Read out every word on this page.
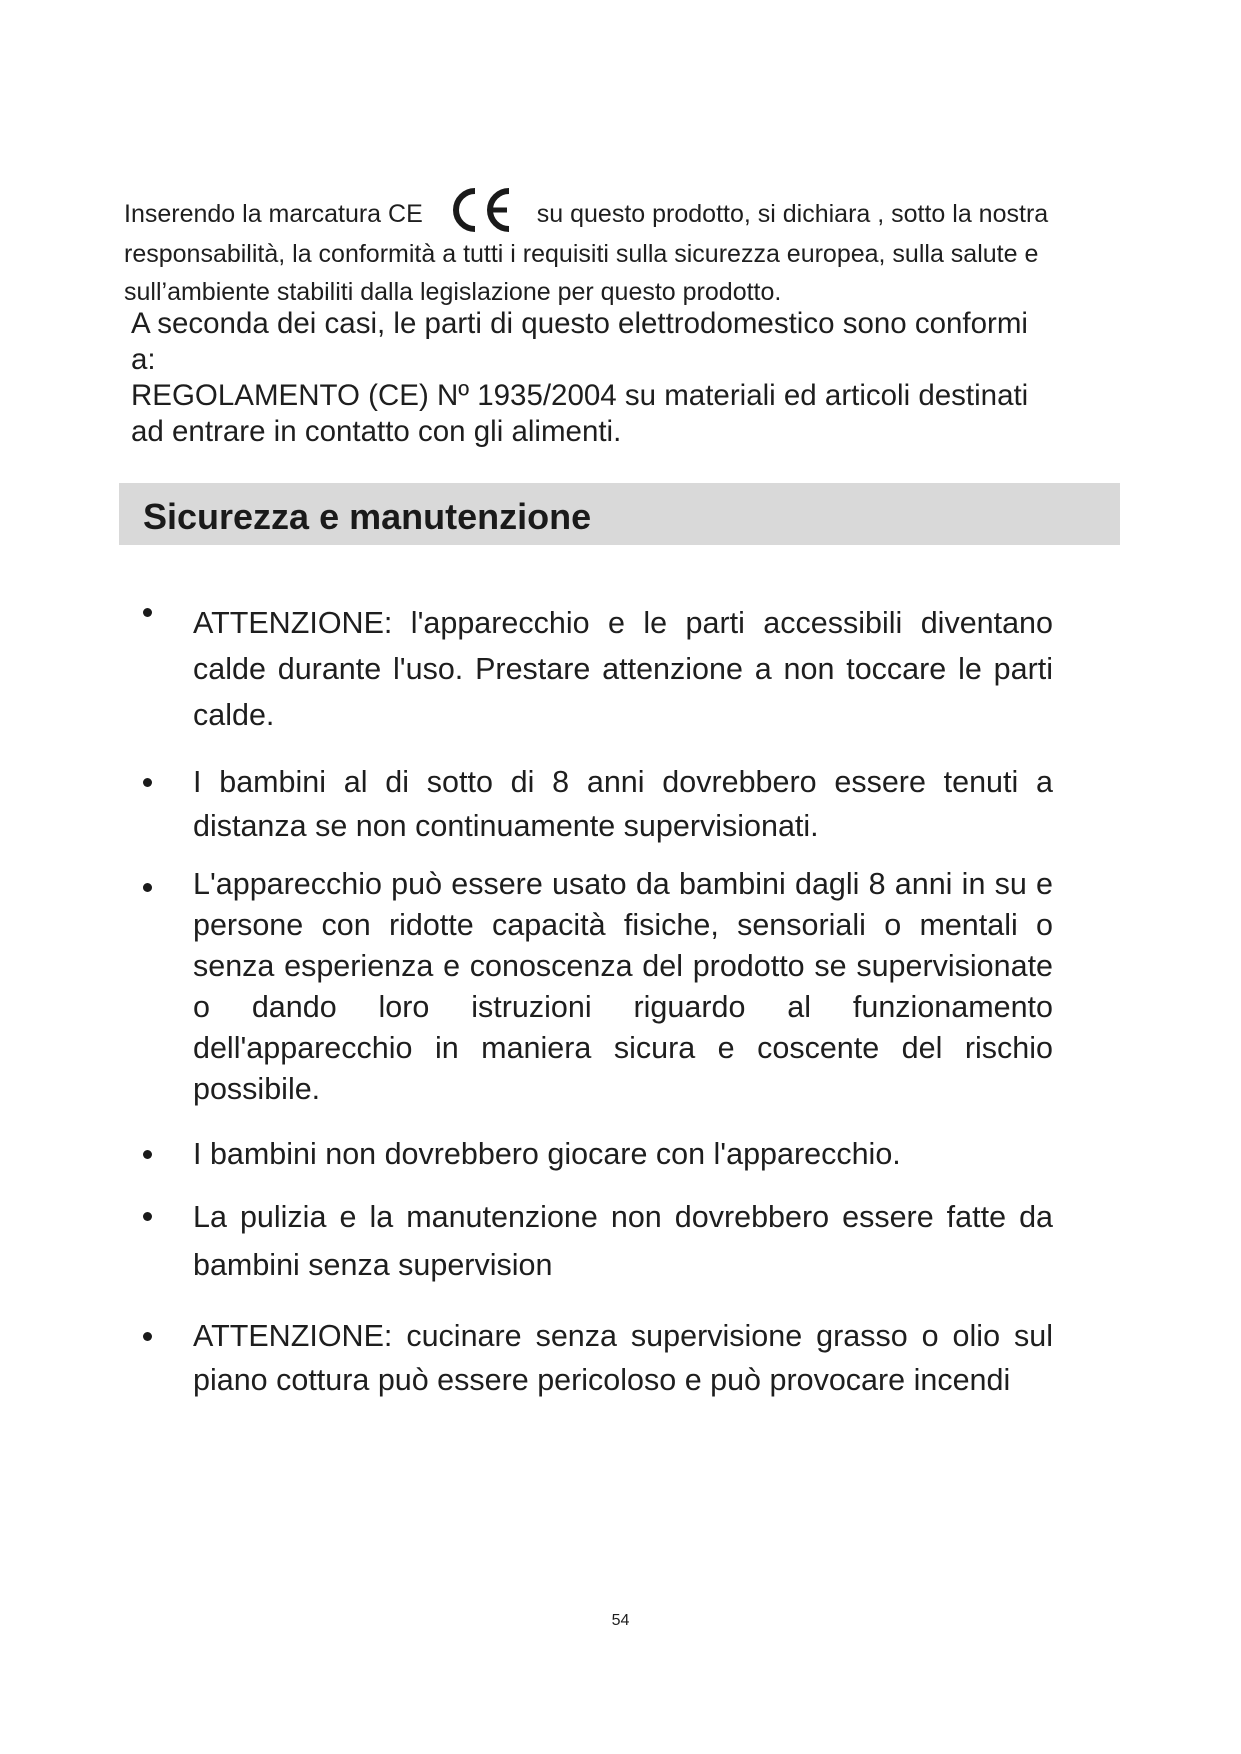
Inserendo la marcatura CE	su questo prodotto, si dichiara , sotto la nostra responsabilità, la conformità a tutti i requisiti sulla sicurezza europea, sulla salute e sull’ambiente stabiliti dalla legislazione per questo prodotto.

A seconda dei casi, le parti di questo elettrodomestico sono conformi a:

REGOLAMENTO (CE) Nº 1935/2004 su materiali ed articoli destinati ad entrare in contatto con gli alimenti.

Sicurezza e manutenzione
ATTENZIONE: l'apparecchio e le parti accessibili diventano calde durante l'uso. Prestare attenzione a non toccare le parti calde.
I bambini al di sotto di 8 anni dovrebbero essere tenuti a distanza se non continuamente supervisionati.
L'apparecchio può essere usato da bambini dagli 8 anni in su e persone con ridotte capacità fisiche, sensoriali o mentali o senza esperienza e conoscenza del prodotto se supervisionate o dando loro istruzioni riguardo al funzionamento dell'apparecchio in maniera sicura e coscente del rischio possibile.
I bambini non dovrebbero giocare con l'apparecchio.
La pulizia e la manutenzione non dovrebbero essere fatte da bambini senza supervision
ATTENZIONE: cucinare senza supervisione grasso o olio sul piano cottura può essere pericoloso e può provocare incendi
54
